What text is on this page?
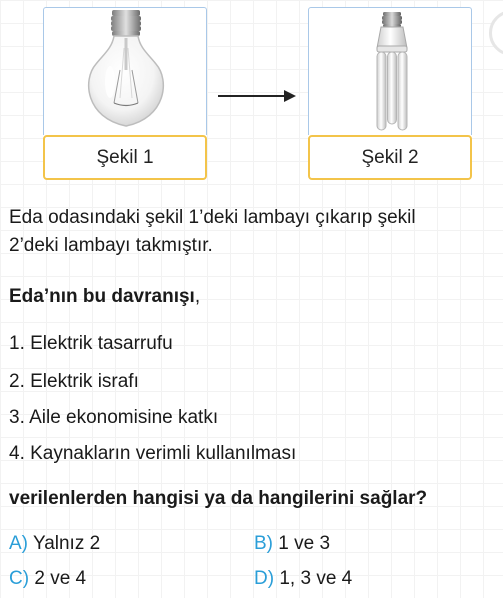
Şekil 1	Şekil 2
Eda odasındaki şekil 1’deki lambayı çıkarıp şekil
2’deki lambayı takmıştır.
Eda’nın bu davranışı,
1. Elektrik tasarrufu
2. Elektrik israfı
3. Aile ekonomisine katkı
4. Kaynakların verimli kullanılması
verilenlerden hangisi ya da hangilerini sağlar?
A) Yalnız 2	B) 1 ve 3
C) 2 ve 4	D) 1, 3 ve 4
